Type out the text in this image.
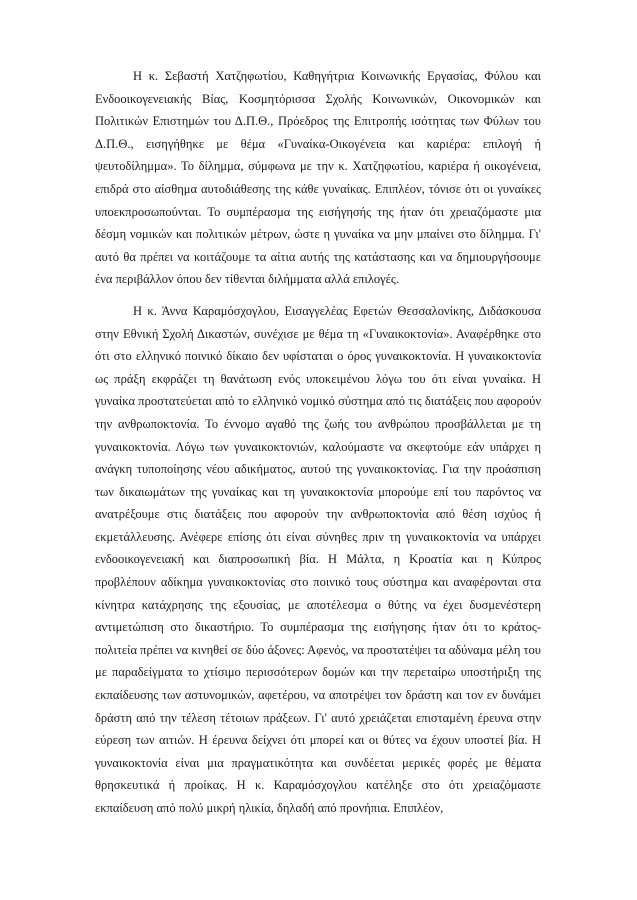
Η κ. Σεβαστή Χατζηφωτίου, Καθηγήτρια Κοινωνικής Εργασίας, Φύλου και Ενδοοικογενειακής Βίας, Κοσμητόρισσα Σχολής Κοινωνικών, Οικονομικών και Πολιτικών Επιστημών του Δ.Π.Θ., Πρόεδρος της Επιτροπής ισότητας των Φύλων του Δ.Π.Θ., εισηγήθηκε με θέμα «Γυναίκα-Οικογένεια και καριέρα: επιλογή ή ψευτοδίλημμα». Το δίλημμα, σύμφωνα με την κ. Χατζηφωτίου, καριέρα ή οικογένεια, επιδρά στο αίσθημα αυτοδιάθεσης της κάθε γυναίκας. Επιπλέον, τόνισε ότι οι γυναίκες υποεκπροσωπούνται. Το συμπέρασμα της εισήγησής της ήταν ότι χρειαζόμαστε μια δέσμη νομικών και πολιτικών μέτρων, ώστε η γυναίκα να μην μπαίνει στο δίλημμα. Γι' αυτό θα πρέπει να κοιτάζουμε τα αίτια αυτής της κατάστασης και να δημιουργήσουμε ένα περιβάλλον όπου δεν τίθενται διλήμματα αλλά επιλογές.

Η κ. Άννα Καραμόσχογλου, Εισαγγελέας Εφετών Θεσσαλονίκης, Διδάσκουσα στην Εθνική Σχολή Δικαστών, συνέχισε με θέμα τη «Γυναικοκτονία». Αναφέρθηκε στο ότι στο ελληνικό ποινικό δίκαιο δεν υφίσταται ο όρος γυναικοκτονία. Η γυναικοκτονία ως πράξη εκφράζει τη θανάτωση ενός υποκειμένου λόγω του ότι είναι γυναίκα. Η γυναίκα προστατεύεται από το ελληνικό νομικό σύστημα από τις διατάξεις που αφορούν την ανθρωποκτονία. Το έννομο αγαθό της ζωής του ανθρώπου προσβάλλεται με τη γυναικοκτονία. Λόγω των γυναικοκτονιών, καλούμαστε να σκεφτούμε εάν υπάρχει η ανάγκη τυποποίησης νέου αδικήματος, αυτού της γυναικοκτονίας. Για την προάσπιση των δικαιωμάτων της γυναίκας και τη γυναικοκτονία μπορούμε επί του παρόντος να ανατρέξουμε στις διατάξεις που αφορούν την ανθρωποκτονία από θέση ισχύος ή εκμετάλλευσης. Ανέφερε επίσης ότι είναι σύνηθες πριν τη γυναικοκτονία να υπάρχει ενδοοικογενειακή και διαπροσωπική βία. Η Μάλτα, η Κροατία και η Κύπρος προβλέπουν αδίκημα γυναικοκτονίας στο ποινικό τους σύστημα και αναφέρονται στα κίνητρα κατάχρησης της εξουσίας, με αποτέλεσμα ο θύτης να έχει δυσμενέστερη αντιμετώπιση στο δικαστήριο. Το συμπέρασμα της εισήγησης ήταν ότι το κράτος-πολιτεία πρέπει να κινηθεί σε δύο άξονες: Αφενός, να προστατέψει τα αδύναμα μέλη του με παραδείγματα το χτίσιμο περισσότερων δομών και την περεταίρω υποστήριξη της εκπαίδευσης των αστυνομικών, αφετέρου, να αποτρέψει τον δράστη και τον εν δυνάμει δράστη από την τέλεση τέτοιων πράξεων. Γι' αυτό χρειάζεται επισταμένη έρευνα στην εύρεση των αιτιών. Η έρευνα δείχνει ότι μπορεί και οι θύτες να έχουν υποστεί βία. Η γυναικοκτονία είναι μια πραγματικότητα και συνδέεται μερικές φορές με θέματα θρησκευτικά ή προίκας. Η κ. Καραμόσχογλου κατέληξε στο ότι χρειαζόμαστε εκπαίδευση από πολύ μικρή ηλικία, δηλαδή από προνήπια. Επιπλέον,
